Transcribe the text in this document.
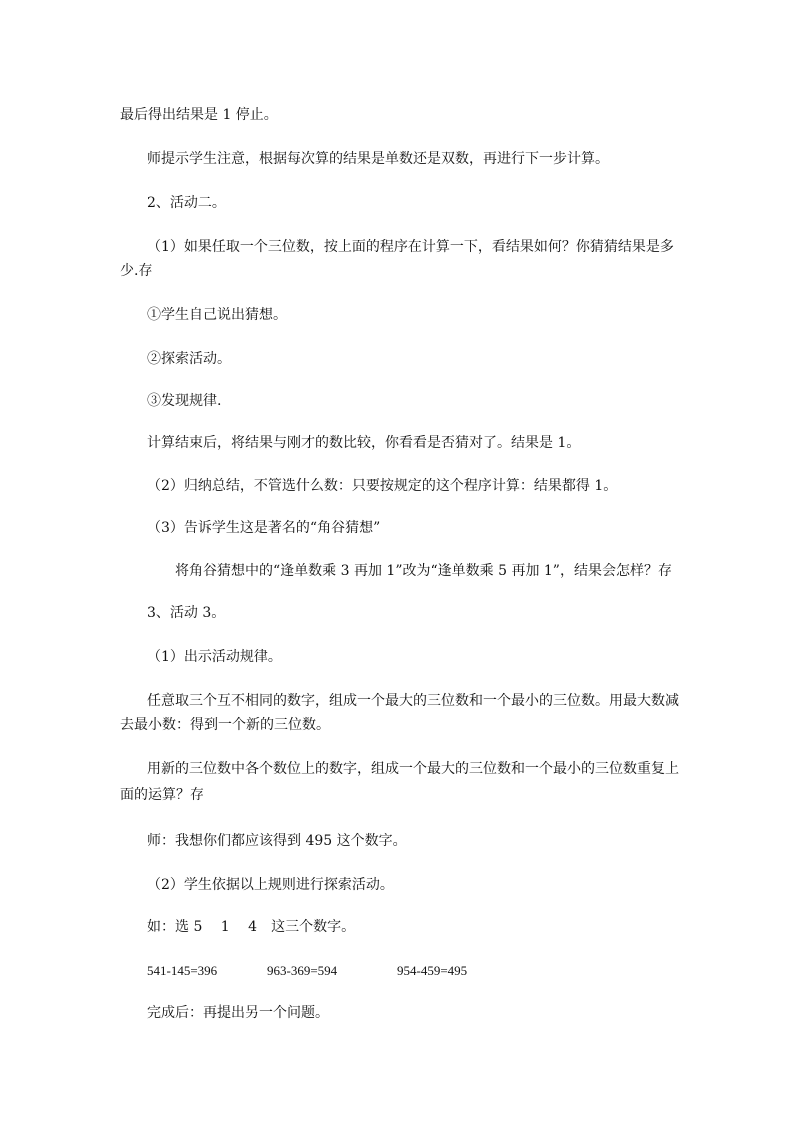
最后得出结果是 1 停止。
师提示学生注意，根据每次算的结果是单数还是双数，再进行下一步计算。
2、活动二。
（1）如果任取一个三位数，按上面的程序在计算一下，看结果如何？你猜猜结果是多
少.存
①学生自己说出猜想。
②探索活动。
③发现规律.
计算结束后，将结果与刚才的数比较，你看看是否猜对了。结果是 1。
（2）归纳总结，不管选什么数：只要按规定的这个程序计算：结果都得 1。
（3）告诉学生这是著名的“角谷猜想”
将角谷猜想中的“逢单数乘 3 再加 1”改为“逢单数乘 5 再加 1”，结果会怎样？存
3、活动 3。
（1）出示活动规律。
任意取三个互不相同的数字，组成一个最大的三位数和一个最小的三位数。用最大数减
去最小数：得到一个新的三位数。
用新的三位数中各个数位上的数字，组成一个最大的三位数和一个最小的三位数重复上
面的运算？存
师：我想你们都应该得到 495 这个数字。
（2）学生依据以上规则进行探索活动。
如：选 5　 1　 4　这三个数字。
541-145=396	963-369=594	954-459=495
完成后：再提出另一个问题。
